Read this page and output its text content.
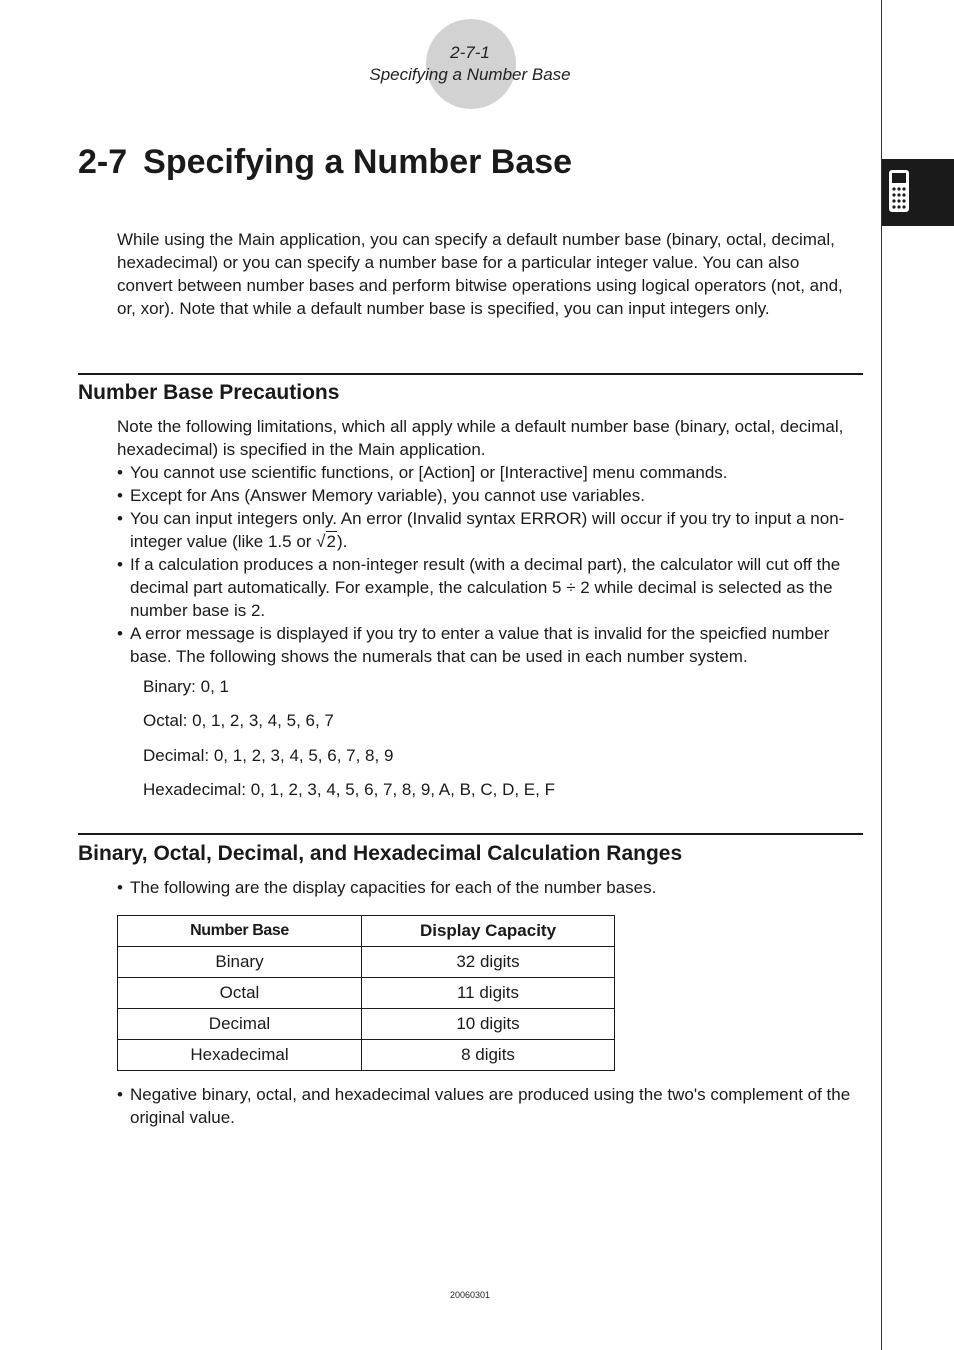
2-7-1
Specifying a Number Base
2-7 Specifying a Number Base

While using the Main application, you can specify a default number base (binary, octal, decimal, hexadecimal) or you can specify a number base for a particular integer value. You can also convert between number bases and perform bitwise operations using logical operators (not, and, or, xor). Note that while a default number base is specified, you can input integers only.

Number Base Precautions

Note the following limitations, which all apply while a default number base (binary, octal, decimal, hexadecimal) is specified in the Main application.

• You cannot use scientific functions, or [Action] or [Interactive] menu commands.
• Except for Ans (Answer Memory variable), you cannot use variables.
• You can input integers only. An error (Invalid syntax ERROR) will occur if you try to input a non-integer value (like 1.5 or √2).
• If a calculation produces a non-integer result (with a decimal part), the calculator will cut off the decimal part automatically. For example, the calculation 5 ÷ 2 while decimal is selected as the number base is 2.
• A error message is displayed if you try to enter a value that is invalid for the speicfied number base. The following shows the numerals that can be used in each number system.
Binary: 0, 1
Octal: 0, 1, 2, 3, 4, 5, 6, 7
Decimal: 0, 1, 2, 3, 4, 5, 6, 7, 8, 9
Hexadecimal: 0, 1, 2, 3, 4, 5, 6, 7, 8, 9, A, B, C, D, E, F
Binary, Octal, Decimal, and Hexadecimal Calculation Ranges
• The following are the display capacities for each of the number bases.
Number Base	Display Capacity
Binary	32 digits
Octal	11 digits
Decimal	10 digits
Hexadecimal	8 digits
• Negative binary, octal, and hexadecimal values are produced using the two's complement of the original value.
20060301
